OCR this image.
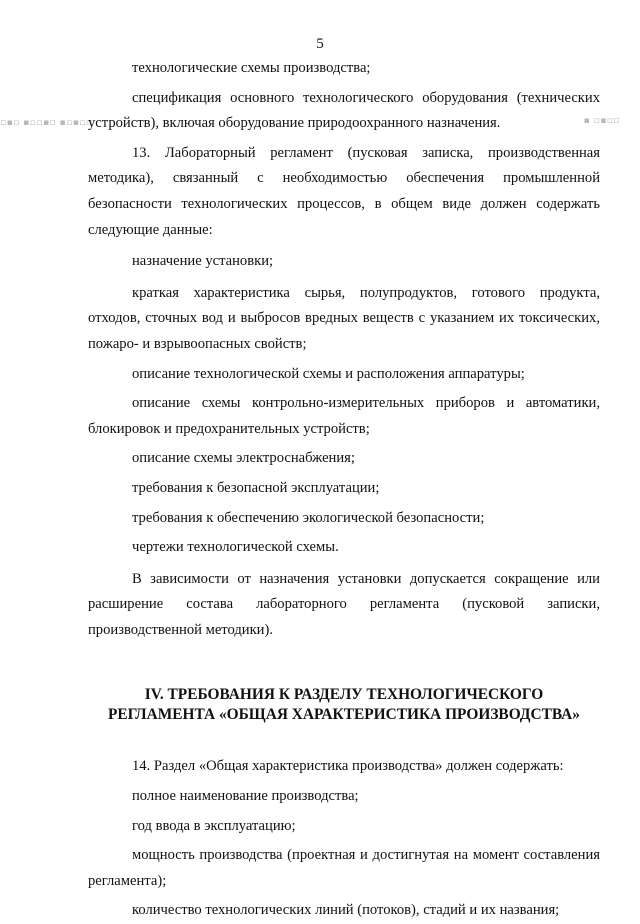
▫▪▫ ▪▫▫▪▫ ▪▫▪▫▫	▪ ▫▪▫▫
5

технологические схемы производства;

спецификация основного технологического оборудования (технических устройств), включая оборудование природоохранного назначения.

13. Лабораторный регламент (пусковая записка, производственная методика), связанный с необходимостью обеспечения промышленной безопасности технологических процессов, в общем виде должен содержать следующие данные:

назначение установки;

краткая характеристика сырья, полупродуктов, готового продукта, отходов, сточных вод и выбросов вредных веществ с указанием их токсических, пожаро- и взрывоопасных свойств;

описание технологической схемы и расположения аппаратуры;

описание схемы контрольно-измерительных приборов и автоматики, блокировок и предохранительных устройств;

описание схемы электроснабжения;

требования к безопасной эксплуатации;

требования к обеспечению экологической безопасности;

чертежи технологической схемы.

В зависимости от назначения установки допускается сокращение или расширение состава лабораторного регламента (пусковой записки, производственной методики).

IV. ТРЕБОВАНИЯ К РАЗДЕЛУ ТЕХНОЛОГИЧЕСКОГО
РЕГЛАМЕНТА «ОБЩАЯ ХАРАКТЕРИСТИКА ПРОИЗВОДСТВА»

14. Раздел «Общая характеристика производства» должен содержать:

полное наименование производства;

год ввода в эксплуатацию;

мощность производства (проектная и достигнутая на момент составления регламента);

количество технологических линий (потоков), стадий и их названия;
